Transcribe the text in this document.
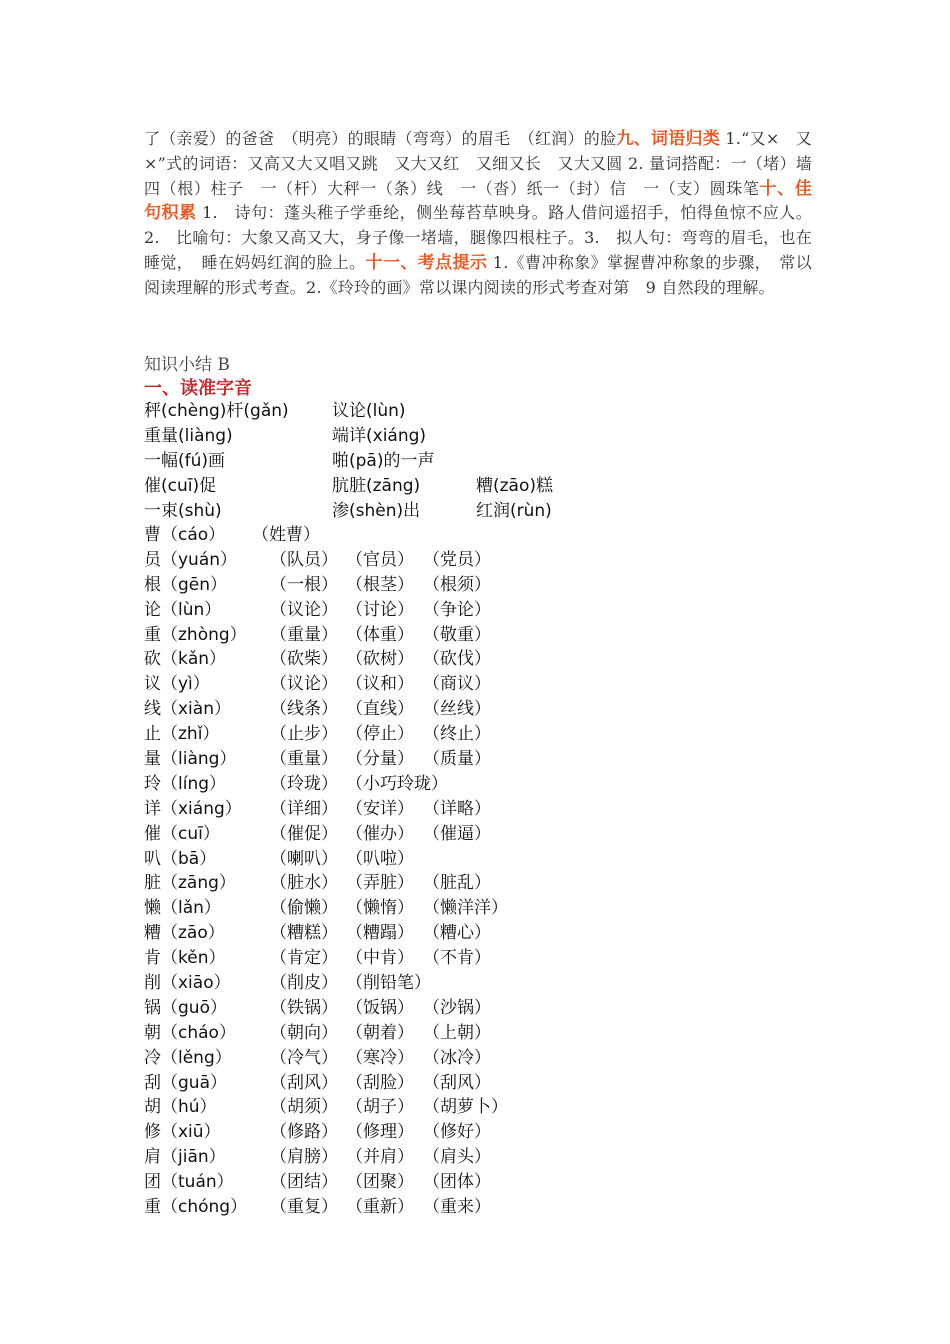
了（亲爱）的爸爸　（明亮）的眼睛（弯弯）的眉毛　（红润）的脸九、词语归类 1.“又×　又×”式的词语：又高又大又唱又跳　又大又红　又细又长　又大又圆 2. 量词搭配：一（堵）墙四（根）柱子　一（杆）大秤一（条）线　一（沓）纸一（封）信　一（支）圆珠笔十、佳句积累 1.　诗句：蓬头稚子学垂纶，侧坐莓苔草映身。路人借问遥招手，怕得鱼惊不应人。2.　比喻句：大象又高又大，身子像一堵墙，腿像四根柱子。3.　拟人句：弯弯的眉毛，也在睡觉，　睡在妈妈红润的脸上。十一、考点提示 1.《曹冲称象》掌握曹冲称象的步骤，　常以阅读理解的形式考查。2.《玲玲的画》常以课内阅读的形式考查对第　9 自然段的理解。
知识小结 B
一、读准字音
秤(chèng)杆(gǎn)	议论(lùn)
重量(liàng)	端详(xiáng)
一幅(fú)画	啪(pā)的一声
催(cuī)促	肮脏(zāng)	糟(zāo)糕
一束(shù)	渗(shèn)出	红润(rùn)
曹（cáo） （姓曹）
员（yuán） （队员） （官员） （党员）
根（gēn）	（一根） （根茎） （根须）
论（lùn）	（议论） （讨论） （争论）
重（zhòng） （重量） （体重） （敬重）
砍（kǎn）	（砍柴） （砍树） （砍伐）
议（yì）	（议论） （议和） （商议）
线（xiàn） （线条） （直线） （丝线）
止（zhǐ）	（止步） （停止） （终止）
量（liàng） （重量） （分量） （质量）
玲（líng）	（玲珑） （小巧玲珑）
详（xiáng） （详细） （安详） （详略）
催（cuī）	（催促） （催办） （催逼）
叭（bā）	（喇叭） （叭啦）
脏（zāng） （脏水） （弄脏） （脏乱）
懒（lǎn）	（偷懒） （懒惰） （懒洋洋）
糟（zāo）	（糟糕） （糟蹋） （糟心）
肯（kěn）	（肯定） （中肯） （不肯）
削（xiāo） （削皮） （削铅笔）
锅（guō）	（铁锅） （饭锅） （沙锅）
朝（cháo） （朝向） （朝着） （上朝）
冷（lěng） （冷气） （寒冷） （冰冷）
刮（guā）	（刮风） （刮脸） （刮风）
胡（hú）	（胡须） （胡子） （胡萝卜）
修（xiū）	（修路） （修理） （修好）
肩（jiān）	（肩膀） （并肩） （肩头）
团（tuán） （团结） （团聚） （团体）
重（chóng） （重复） （重新） （重来）
